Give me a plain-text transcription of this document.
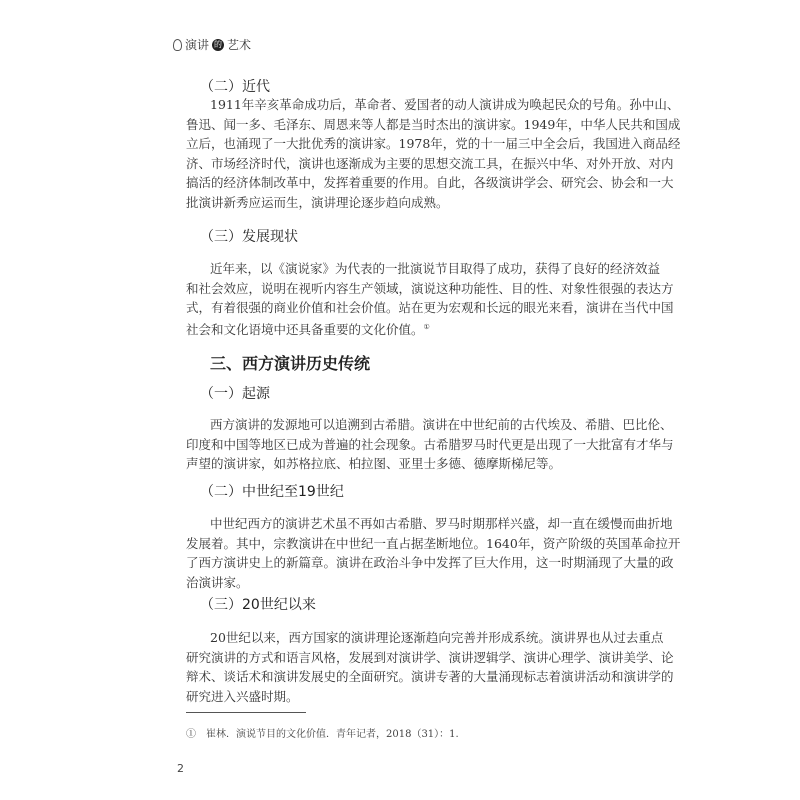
演讲 的 艺术
（二）近代
1911年辛亥革命成功后，革命者、爱国者的动人演讲成为唤起民众的号角。孙中山、
鲁迅、闻一多、毛泽东、周恩来等人都是当时杰出的演讲家。1949年，中华人民共和国成
立后，也涌现了一大批优秀的演讲家。1978年，党的十一届三中全会后，我国进入商品经
济、市场经济时代，演讲也逐渐成为主要的思想交流工具，在振兴中华、对外开放、对内
搞活的经济体制改革中，发挥着重要的作用。自此，各级演讲学会、研究会、协会和一大
批演讲新秀应运而生，演讲理论逐步趋向成熟。
（三）发展现状
近年来，以《演说家》为代表的一批演说节目取得了成功，获得了良好的经济效益
和社会效应，说明在视听内容生产领域，演说这种功能性、目的性、对象性很强的表达方
式，有着很强的商业价值和社会价值。站在更为宏观和长远的眼光来看，演讲在当代中国
社会和文化语境中还具备重要的文化价值。①
三、西方演讲历史传统
（一）起源
西方演讲的发源地可以追溯到古希腊。演讲在中世纪前的古代埃及、希腊、巴比伦、
印度和中国等地区已成为普遍的社会现象。古希腊罗马时代更是出现了一大批富有才华与
声望的演讲家，如苏格拉底、柏拉图、亚里士多德、德摩斯梯尼等。
（二）中世纪至19世纪
中世纪西方的演讲艺术虽不再如古希腊、罗马时期那样兴盛，却一直在缓慢而曲折地
发展着。其中，宗教演讲在中世纪一直占据垄断地位。1640年，资产阶级的英国革命拉开
了西方演讲史上的新篇章。演讲在政治斗争中发挥了巨大作用，这一时期涌现了大量的政
治演讲家。
（三）20世纪以来
20世纪以来，西方国家的演讲理论逐渐趋向完善并形成系统。演讲界也从过去重点
研究演讲的方式和语言风格，发展到对演讲学、演讲逻辑学、演讲心理学、演讲美学、论
辩术、谈话术和演讲发展史的全面研究。演讲专著的大量涌现标志着演讲活动和演讲学的
研究进入兴盛时期。
①　崔林．演说节目的文化价值．青年记者，2018（31）：1.
2
